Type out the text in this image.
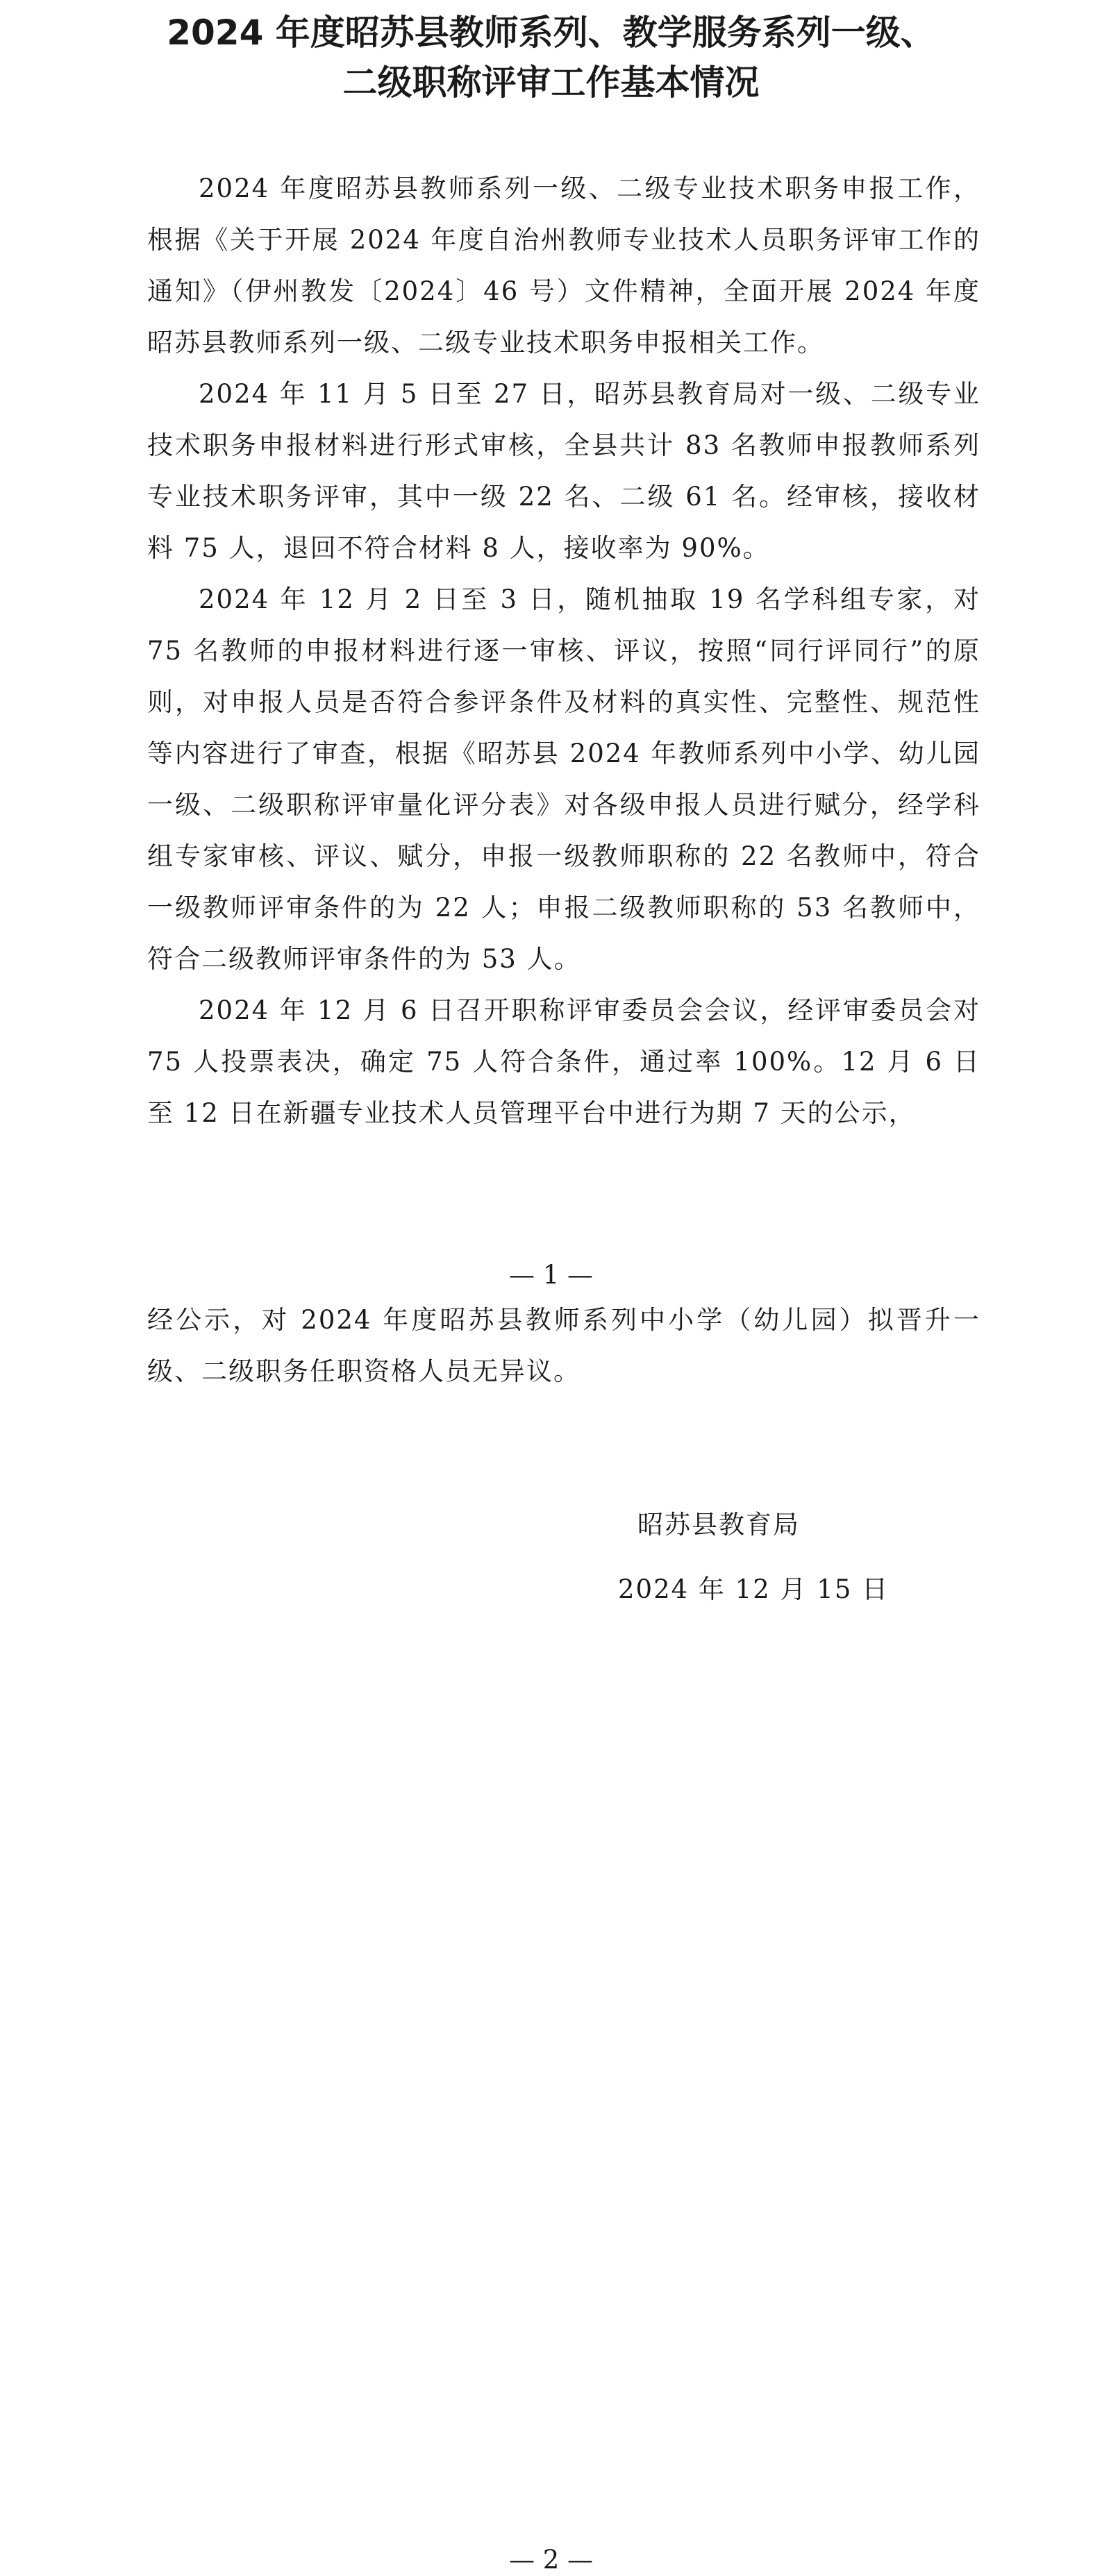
2024 年度昭苏县教师系列、教学服务系列一级、
二级职称评审工作基本情况

2024 年度昭苏县教师系列一级、二级专业技术职务申报工作，根据《关于开展 2024 年度自治州教师专业技术人员职务评审工作的通知》（伊州教发〔2024〕46 号）文件精神，全面开展 2024 年度昭苏县教师系列一级、二级专业技术职务申报相关工作。

2024 年 11 月 5 日至 27 日，昭苏县教育局对一级、二级专业技术职务申报材料进行形式审核，全县共计 83 名教师申报教师系列专业技术职务评审，其中一级 22 名、二级 61 名。经审核，接收材料 75 人，退回不符合材料 8 人，接收率为 90%。

2024 年 12 月 2 日至 3 日，随机抽取 19 名学科组专家，对 75 名教师的申报材料进行逐一审核、评议，按照“同行评同行”的原则，对申报人员是否符合参评条件及材料的真实性、完整性、规范性等内容进行了审查，根据《昭苏县 2024 年教师系列中小学、幼儿园一级、二级职称评审量化评分表》对各级申报人员进行赋分，经学科组专家审核、评议、赋分，申报一级教师职称的 22 名教师中，符合一级教师评审条件的为 22 人；申报二级教师职称的 53 名教师中，符合二级教师评审条件的为 53 人。

2024 年 12 月 6 日召开职称评审委员会会议，经评审委员会对 75 人投票表决，确定 75 人符合条件，通过率 100%。12 月 6 日至 12 日在新疆专业技术人员管理平台中进行为期 7 天的公示，

— 1 —

经公示，对 2024 年度昭苏县教师系列中小学（幼儿园）拟晋升一级、二级职务任职资格人员无异议。

昭苏县教育局
2024 年 12 月 15 日
— 2 —
